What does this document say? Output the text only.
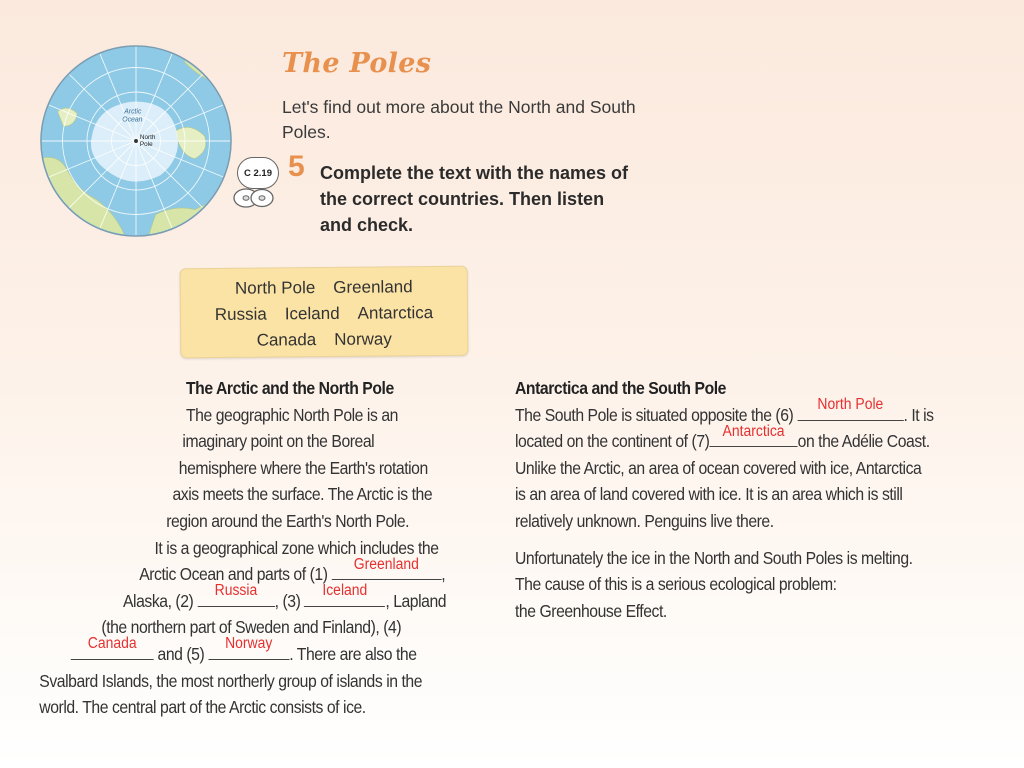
Arctic
Ocean
North
Pole
The Poles
Let's find out more about the North and South Poles.
C 2.19 5 Complete the text with the names of the correct countries. Then listen and check.
North Pole Greenland
Russia Iceland Antarctica
Canada Norway
The Arctic and the North Pole
The geographic North Pole is an
imaginary point on the Boreal
hemisphere where the Earth's rotation
axis meets the surface. The Arctic is the
region around the Earth's North Pole.
It is a geographical zone which includes the
Arctic Ocean and parts of (1)
Greenland
,
Alaska, (2)
Russia
, (3)
Iceland
, Lapland
(the northern part of Sweden and Finland), (4)
Canada
and (5)
Norway
. There are also the
Svalbard Islands, the most northerly group of islands in the
world. The central part of the Arctic consists of ice.
Antarctica and the South Pole
The South Pole is situated opposite the (6)
North Pole
. It is
located on the continent of (7)
Antarctica
on the Adélie Coast.
Unlike the Arctic, an area of ocean covered with ice, Antarctica
is an area of land covered with ice. It is an area which is still
relatively unknown. Penguins live there.
Unfortunately the ice in the North and South Poles is melting.
The cause of this is a serious ecological problem:
the Greenhouse Effect.
